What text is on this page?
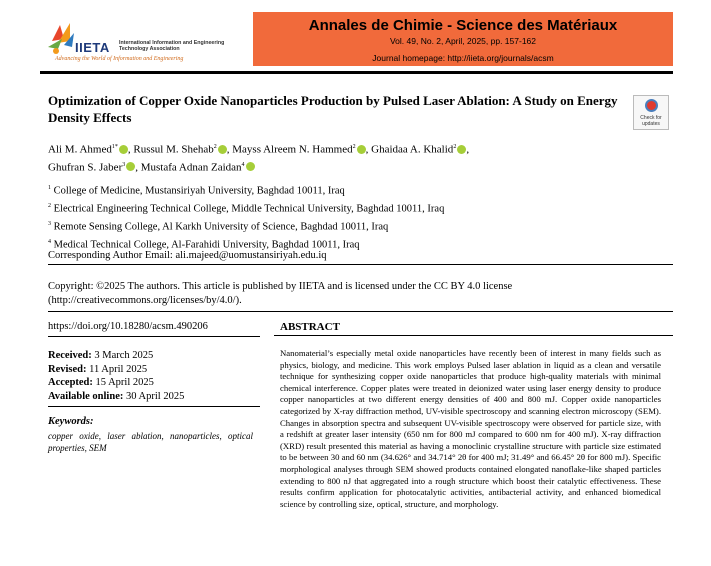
IIETA International Information and Engineering Technology Association
Advancing the World of Information and Engineering
Annales de Chimie - Science des Matériaux
Vol. 49, No. 2, April, 2025, pp. 157-162
Journal homepage: http://iieta.org/journals/acsm
Optimization of Copper Oxide Nanoparticles Production by Pulsed Laser Ablation: A Study on Energy Density Effects	Check for updates
Ali M. Ahmed$^{1*}$ , Russul M. Shehab$^2$ , Mayss Alreem N. Hammed$^2$ , Ghaidaa A. Khalid$^2$ ,
Ghufran S. Jaber$^3$ , Mustafa Adnan Zaidan$^4$
$^1$ College of Medicine, Mustansiriyah University, Baghdad 10011, Iraq
$^2$ Electrical Engineering Technical College, Middle Technical University, Baghdad 10011, Iraq
$^3$ Remote Sensing College, Al Karkh University of Science, Baghdad 10011, Iraq
$^4$ Medical Technical College, Al-Farahidi University, Baghdad 10011, Iraq
Corresponding Author Email: ali.majeed@uomustansiriyah.edu.iq
Copyright: ©2025 The authors. This article is published by IIETA and is licensed under the CC BY 4.0 license (http://creativecommons.org/licenses/by/4.0/).
https://doi.org/10.18280/acsm.490206
Received: 3 March 2025
Revised: 11 April 2025
Accepted: 15 April 2025
Available online: 30 April 2025
Keywords:
copper oxide, laser ablation, nanoparticles, optical properties, SEM
ABSTRACT
Nanomaterial’s especially metal oxide nanoparticles have recently been of interest in many fields such as physics, biology, and medicine. This work employs Pulsed laser ablation in liquid as a clean and versatile technique for synthesizing copper oxide nanoparticles that produce high-quality materials with minimal chemical interference. Copper plates were treated in deionized water using laser energy density to produce copper nanoparticles at two different energy densities of 400 and 800 mJ. Copper oxide nanoparticles categorized by X-ray diffraction method, UV-visible spectroscopy and scanning electron microscopy (SEM). Changes in absorption spectra and subsequent UV-visible spectroscopy were observed for particle size, with a redshift at greater laser intensity (650 nm for 800 mJ compared to 600 nm for 400 mJ). X-ray diffraction (XRD) result presented this material as having a monoclinic crystalline structure with particle size estimated to be between 30 and 60 nm (34.626° and 34.714° 2θ for 400 mJ; 31.49° and 66.45° 2θ for 800 mJ). Specific morphological analyses through SEM showed products contained elongated nanoflake-like shaped particles extending to 800 nJ that aggregated into a rough structure which boost their catalytic effectiveness. These results confirm application for photocatalytic activities, antibacterial activity, and enhanced biomedical science by controlling size, optical, structure, and morphology.
